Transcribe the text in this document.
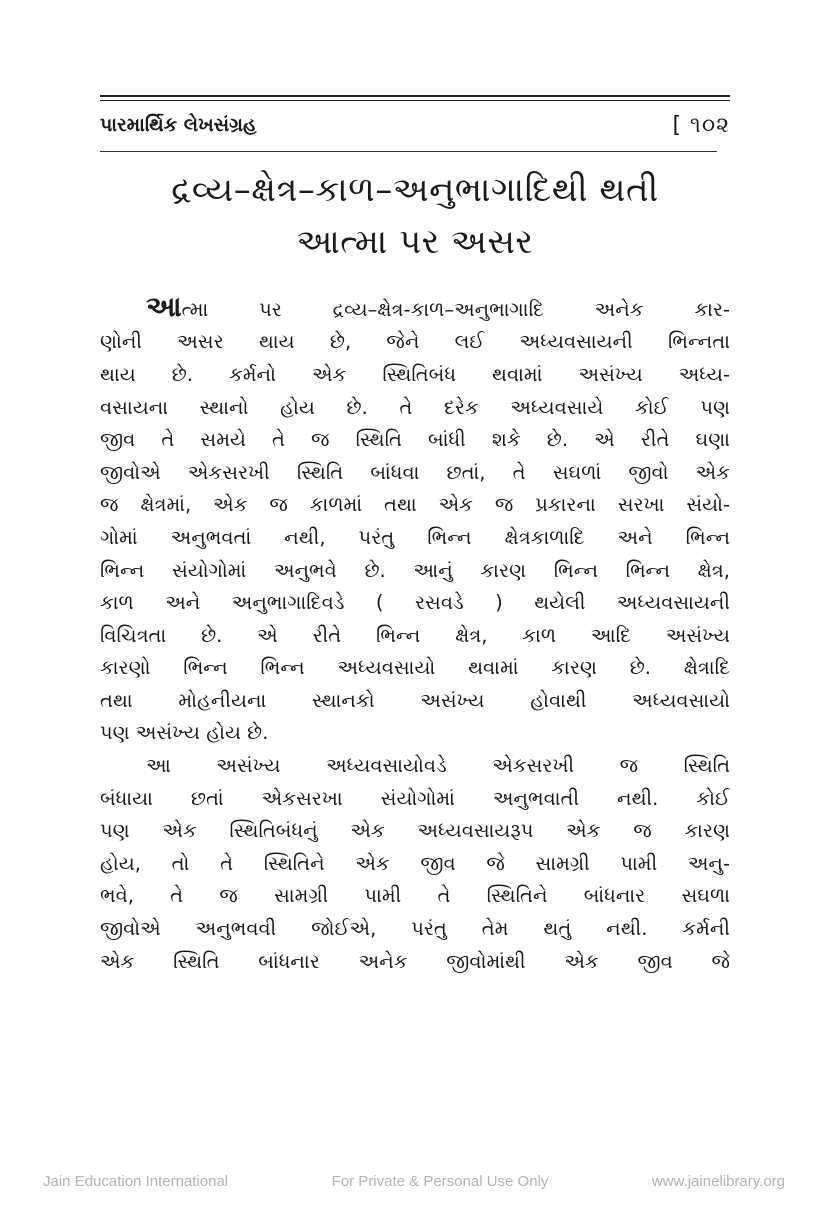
પારમાર્થિક લેખસંગ્રહ	[ ૧૦૨
દ્રવ્ય–ક્ષેત્ર–કાળ–અનુભાગાદિથી થતી
આત્મા પર અસર
આત્મા પર દ્રવ્ય–ક્ષેત્ર-કાળ–અનુભાગાદિ અનેક કાર-
ણોની અસર થાય છે, જેને લઈ અધ્યવસાયની ભિન્નતા
થાય છે. કર્મનો એક સ્થિતિબંધ થવામાં અસંખ્ય અધ્ય-
વસાયના સ્થાનો હોય છે. તે દરેક અધ્યવસાયે કોઈ પણ
જીવ તે સમયે તે જ સ્થિતિ બાંધી શકે છે. એ રીતે ઘણા
જીવોએ એકસરખી સ્થિતિ બાંધવા છતાં, તે સઘળાં જીવો એક
જ ક્ષેત્રમાં, એક જ કાળમાં તથા એક જ પ્રકારના સરખા સંયો-
ગોમાં અનુભવતાં નથી, પરંતુ ભિન્ન ક્ષેત્રકાળાદિ અને ભિન્ન
ભિન્ન સંયોગોમાં અનુભવે છે. આનું કારણ ભિન્ન ભિન્ન ક્ષેત્ર,
કાળ અને અનુભાગાદિવડે ( રસવડે ) થયેલી અધ્યવસાયની
વિચિત્રતા છે. એ રીતે ભિન્ન ક્ષેત્ર, કાળ આદિ અસંખ્ય
કારણો ભિન્ન ભિન્ન અધ્યવસાયો થવામાં કારણ છે. ક્ષેત્રાદિ
તથા મોહનીયના સ્થાનકો અસંખ્ય હોવાથી અધ્યવસાયો
પણ અસંખ્ય હોય છે.
આ અસંખ્ય અધ્યવસાયોવડે એકસરખી જ સ્થિતિ
બંધાયા છતાં એકસરખા સંયોગોમાં અનુભવાતી નથી. કોઈ
પણ એક સ્થિતિબંધનું એક અધ્યવસાયરૂપ એક જ કારણ
હોય, તો તે સ્થિતિને એક જીવ જે સામગ્રી પામી અનુ-
ભવે, તે જ સામગ્રી પામી તે સ્થિતિને બાંધનાર સઘળા
જીવોએ અનુભવવી જોઈએ, પરંતુ તેમ થતું નથી. કર્મની
એક સ્થિતિ બાંધનાર અનેક જીવોમાંથી એક જીવ જે
Jain Education International	For Private & Personal Use Only	www.jainelibrary.org
